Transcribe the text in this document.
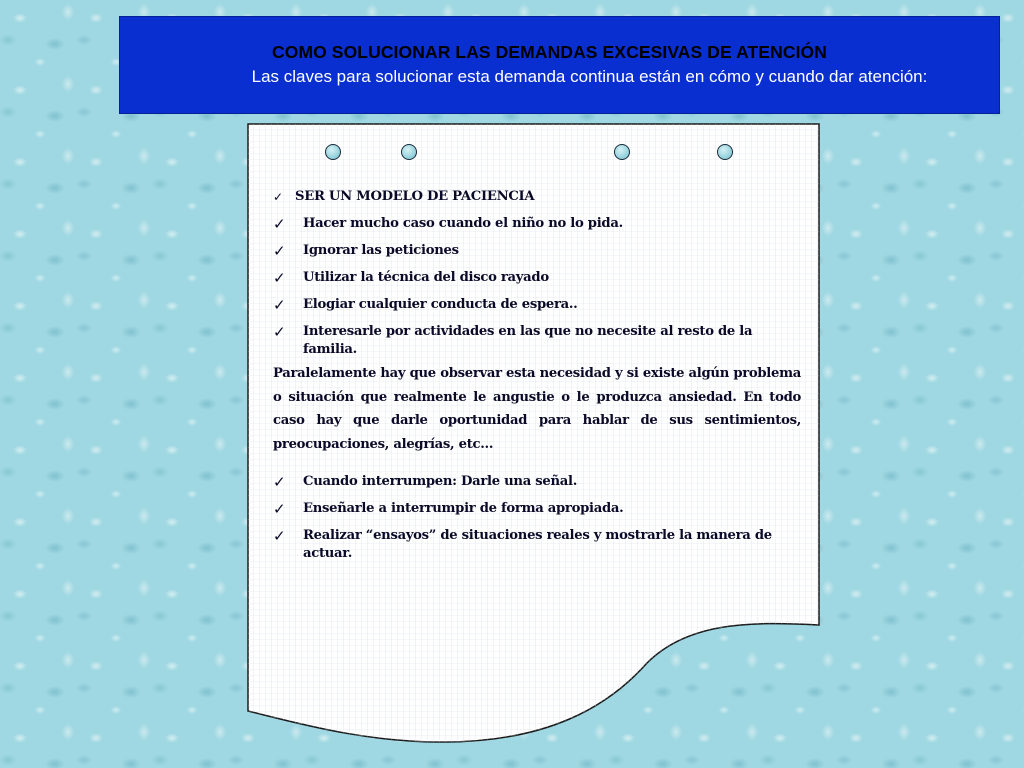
COMO SOLUCIONAR LAS DEMANDAS EXCESIVAS DE ATENCIÓN
Las claves para solucionar esta demanda continua están en cómo y cuando dar atención:
✓ SER UN MODELO DE PACIENCIA
✓	Hacer mucho caso cuando el niño no lo pida.
✓	Ignorar las peticiones
✓	Utilizar la técnica del disco rayado
✓	Elogiar cualquier conducta de espera..
✓	Interesarle por actividades en las que no necesite al resto de la familia.
Paralelamente hay que observar esta necesidad y si existe algún problema o situación que realmente le angustie o le produzca ansiedad. En todo caso hay que darle oportunidad para hablar de sus sentimientos, preocupaciones, alegrías, etc…
✓	Cuando interrumpen: Darle una señal.
✓	Enseñarle a interrumpir de forma apropiada.
✓	Realizar “ensayos” de situaciones reales y mostrarle la manera de actuar.
